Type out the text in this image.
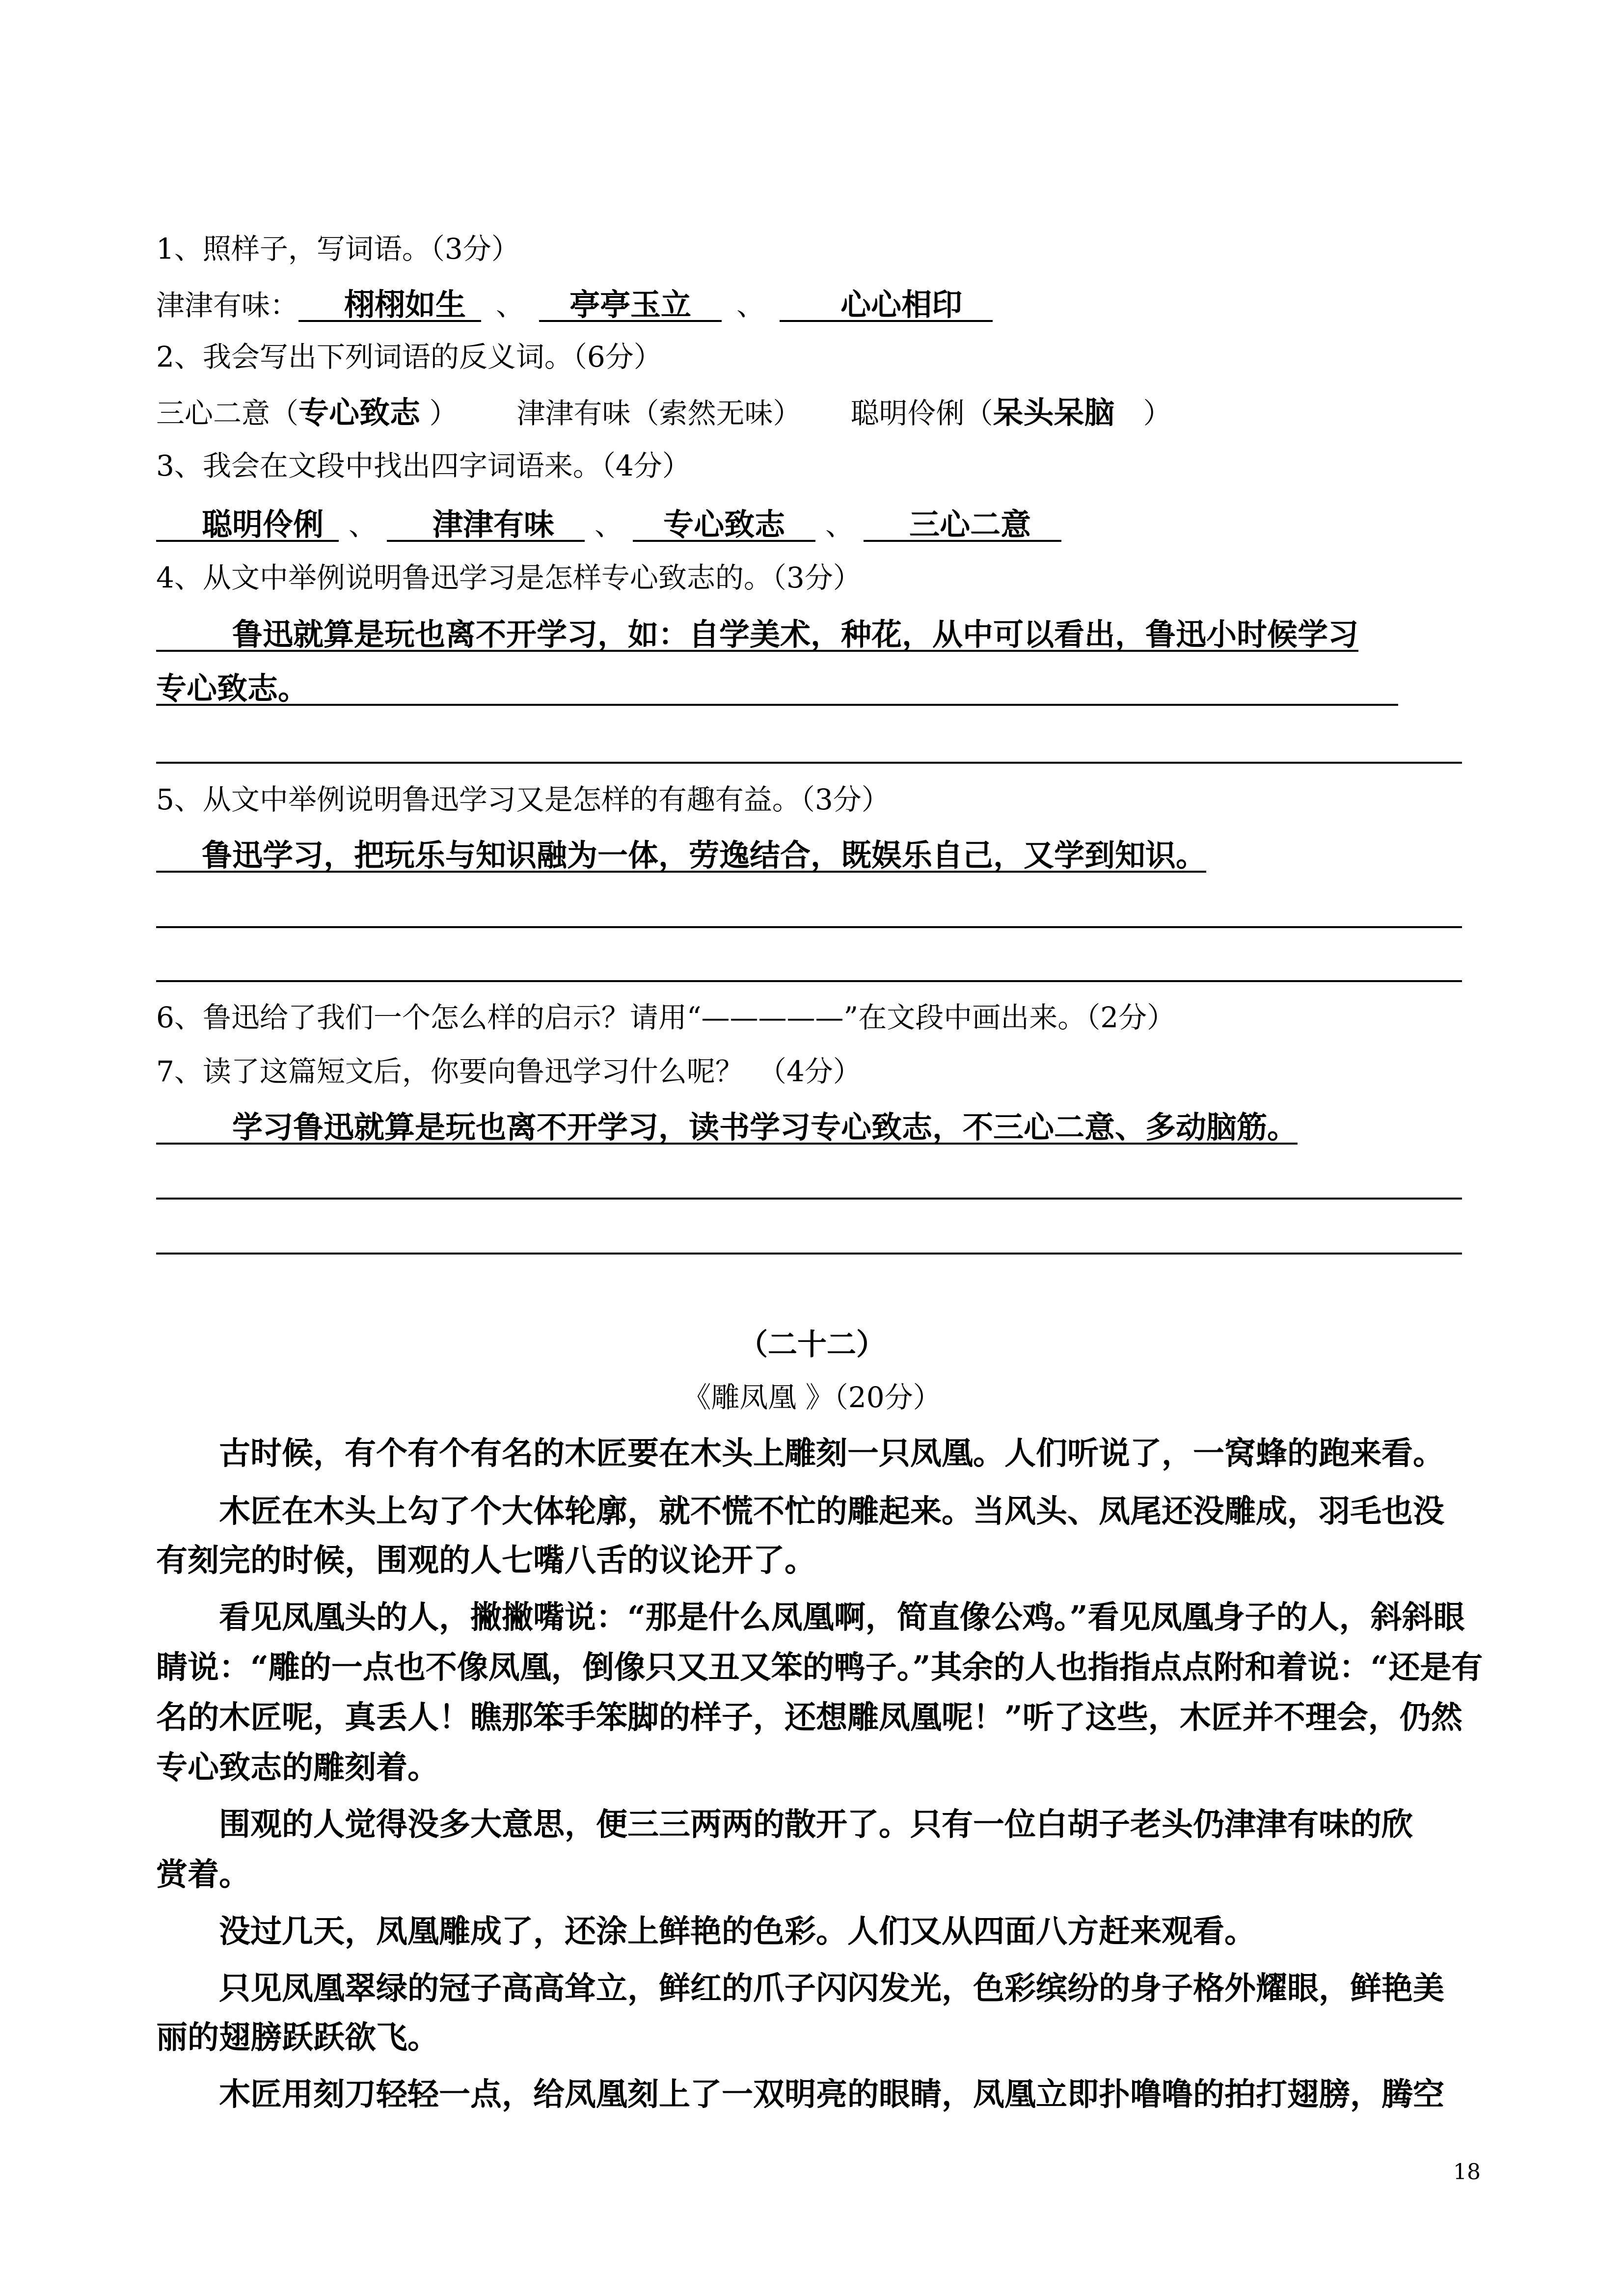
1、照样子，写词语。（3分）
津津有味：   栩栩如生  、  亭亭玉立  、   心心相印 
2、我会写出下列词语的反义词。（6分）
三心二意（专心致志 ） 津津有味（索然无味） 聪明伶俐（呆头呆脑　）
3、我会在文段中找出四字词语来。（4分）
  聪明伶俐  、   津津有味  、  专心致志  、   三心二意  
4、从文中举例说明鲁迅学习是怎样专心致志的。（3分）
   鲁迅就算是玩也离不开学习，如：自学美术，种花，从中可以看出，鲁迅小时候学习
专心致志。 
5、从文中举例说明鲁迅学习又是怎样的有趣有益。（3分）
  鲁迅学习，把玩乐与知识融为一体，劳逸结合，既娱乐自己，又学到知识。
6、鲁迅给了我们一个怎么样的启示？请用“—————”在文段中画出来。（2分）
7、读了这篇短文后，你要向鲁迅学习什么呢？　（4分）
   学习鲁迅就算是玩也离不开学习，读书学习专心致志，不三心二意、多动脑筋。
（二十二）
《雕凤凰 》（20分）
　　古时候，有个有个有名的木匠要在木头上雕刻一只凤凰。人们听说了，一窝蜂的跑来看。
　　木匠在木头上勾了个大体轮廓，就不慌不忙的雕起来。当风头、凤尾还没雕成，羽毛也没
有刻完的时候，围观的人七嘴八舌的议论开了。
　　看见凤凰头的人，撇撇嘴说：“那是什么凤凰啊，简直像公鸡。”看见凤凰身子的人，斜斜眼
睛说：“雕的一点也不像凤凰，倒像只又丑又笨的鸭子。”其余的人也指指点点附和着说：“还是有
名的木匠呢，真丢人！瞧那笨手笨脚的样子，还想雕凤凰呢！”听了这些，木匠并不理会，仍然
专心致志的雕刻着。
　　围观的人觉得没多大意思，便三三两两的散开了。只有一位白胡子老头仍津津有味的欣
赏着。
　　没过几天，凤凰雕成了，还涂上鲜艳的色彩。人们又从四面八方赶来观看。
　　只见凤凰翠绿的冠子高高耸立，鲜红的爪子闪闪发光，色彩缤纷的身子格外耀眼，鲜艳美
丽的翅膀跃跃欲飞。
　　木匠用刻刀轻轻一点，给凤凰刻上了一双明亮的眼睛，凤凰立即扑噜噜的拍打翅膀，腾空
18
